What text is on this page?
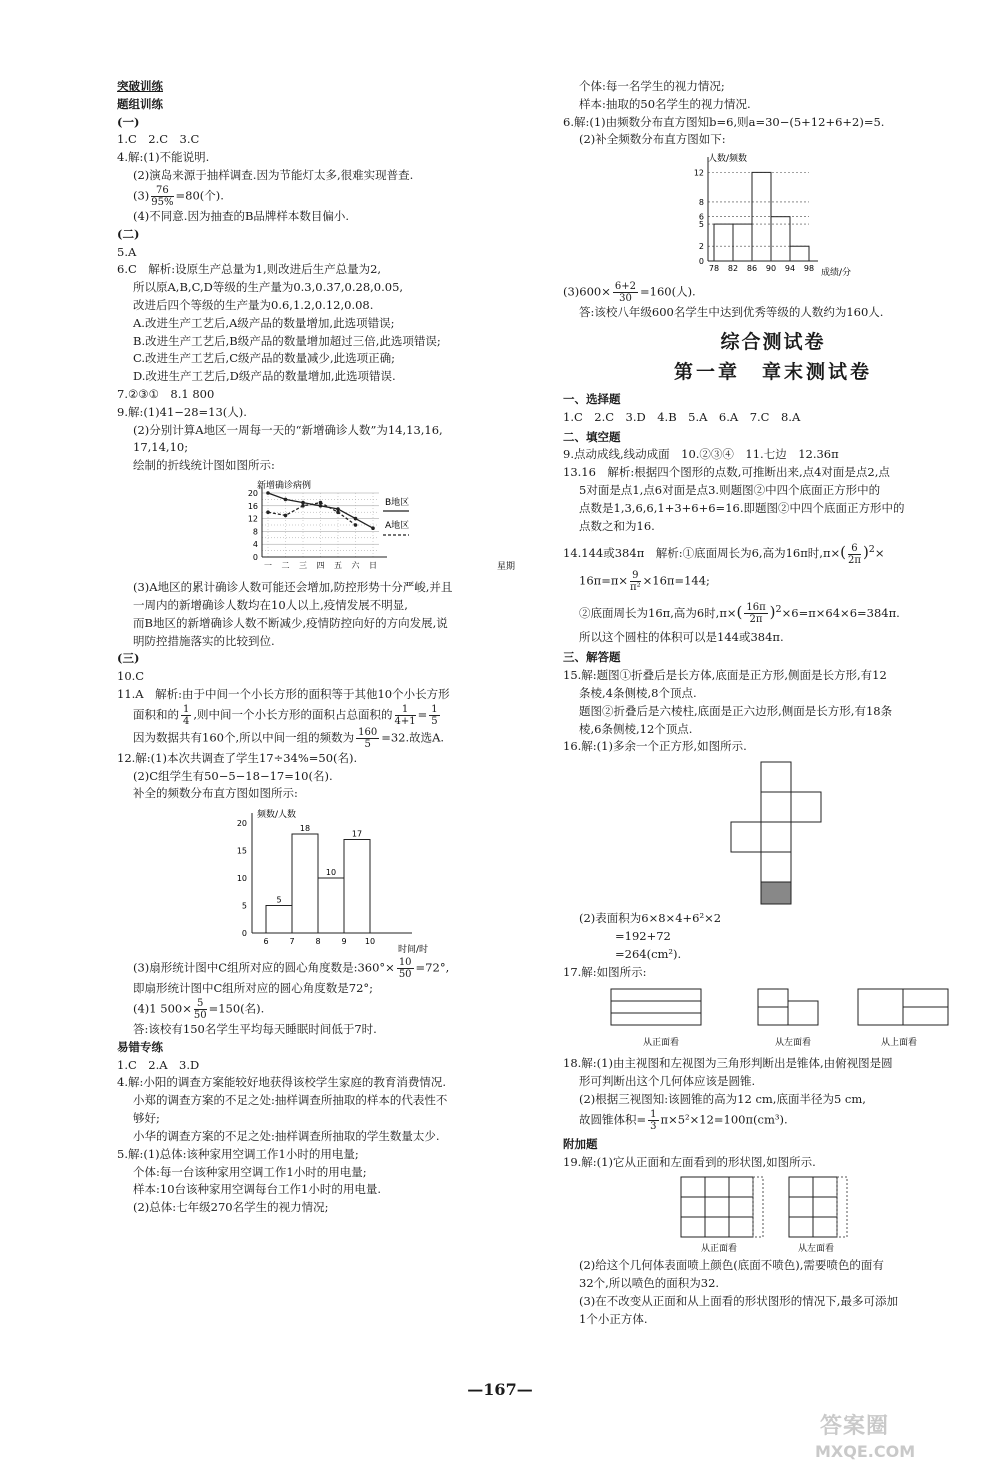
突破训练

题组训练

(一)

1.C　2.C　3.C

4.解:(1)不能说明.

(2)演岛来源于抽样调查.因为节能灯太多,很难实现普查.

$(3) \frac{76}{95\%} =80$(个).

(4)不同意.因为抽查的B品牌样本数目偏小.

(二)

5.A

6.C　解析:设原生产总量为1,则改进后生产总量为2,

所以原A,B,C,D等级的生产量为0.3,0.37,0.28,0.05,

改进后四个等级的生产量为0.6,1.2,0.12,0.08.

A.改进生产工艺后,A级产品的数量增加,此选项错误;

B.改进生产工艺后,B级产品的数量增加超过三倍,此选项错误;

C.改进生产工艺后,C级产品的数量减少,此选项正确;

D.改进生产工艺后,D级产品的数量增加,此选项错误.

7.②③①　8.1 800

9.解:(1)41−28=13(人).

(2)分别计算A地区一周每一天的“新增确诊人数”为14,13,16,

17,14,10;

绘制的折线统计图如图所示:

新增确诊病例
20
16
12
8
4
0
一 二 三 四 五 六 日	星期
B地区
A地区

(3)A地区的累计确诊人数可能还会增加,防控形势十分严峻,并且

一周内的新增确诊人数均在10人以上,疫情发展不明显,

而B地区的新增确诊人数不断减少,疫情防控向好的方向发展,说

明防控措施落实的比较到位.

(三)

10.C

11.A　解析:由于中间一个小长方形的面积等于其他10个小长方形

面积和的 $\frac{1}{4}$ ,则中间一个小长方形的面积占总面积的 $\frac{1}{4+1} = \frac{1}{5}$

因为数据共有160个,所以中间一组的频数为 $\frac{160}{5} =32$.故选A.

12.解:(1)本次共调查了学生17÷34%=50(名).

(2)C组学生有50−5−18−17=10(名).

补全的频数分布直方图如图所示:

频数/人数
20
15
10
5
0
6	7	8	9 10
5
18
10
17
时间/时

(3)扇形统计图中C组所对应的圆心角度数是:360°× $\frac{10}{50} =72^\circ$,

即扇形统计图中C组所对应的圆心角度数是72°;

(4)1 $500\times \frac{5}{50} =150$(名).

答:该校有150名学生平均每天睡眠时间低于7时.

易错专练

1.C　2.A　3.D

4.解:小阳的调查方案能较好地获得该校学生家庭的教育消费情况.

小郑的调查方案的不足之处:抽样调查所抽取的样本的代表性不

够好;

小华的调查方案的不足之处:抽样调查所抽取的学生数量太少.

5.解:(1)总体:该种家用空调工作1小时的用电量;

个体:每一台该种家用空调工作1小时的用电量;

样本:10台该种家用空调每台工作1小时的用电量.

(2)总体:七年级270名学生的视力情况;

个体:每一名学生的视力情况;

样本:抽取的50名学生的视力情况.

6.解:(1)由频数分布直方图知b=6,则a=30−(5+12+6+2)=5.

(2)补全频数分布直方图如下:

人数/频数
12
8
6
5
2
0
78 82 86 90 94 98 成绩/分

$(3)600\times \frac{6+2}{30} =160$(人).

答:该校八年级600名学生中达到优秀等级的人数约为160人.

综合测试卷

第一章　章末测试卷

一、选择题

1.C　2.C　3.D　4.B　5.A　6.A　7.C　8.A

二、填空题

9.点动成线,线动成面　10.②③④　11.七边　12.36π

13.16　解析:根据四个图形的点数,可推断出来,点4对面是点2,点

5对面是点1,点6对面是点3.则题图②中四个底面正方形中的

点数是1,3,6,6,1+3+6+6=16.即题图②中四个底面正方形中的

点数之和为16.

14.144或384π　解析:①底面周长为6,高为16π时$,\pi\times( \frac{6}{2\pi} )^2\times$

$16\pi=\pi\times \frac{9}{\text{π²}} \times 16\pi=144$;

②底面周长为16π,高为6时$,\pi\times( \frac{16\pi}{2\pi} )^2\times 6=\pi\times 64\times 6=384\pi$.

所以这个圆柱的体积可以是144或384π.

三、解答题

15.解:题图①折叠后是长方体,底面是正方形,侧面是长方形,有12

条棱,4条侧棱,8个顶点.

题图②折叠后是六棱柱,底面是正六边形,侧面是长方形,有18条

棱,6条侧棱,12个顶点.

16.解:(1)多余一个正方形,如图所示.

(2)表面积为6×8×4+6²×2

=192+72

=264(cm²).

17.解:如图所示:

从正面看	从左面看	从上面看

18.解:(1)由主视图和左视图为三角形判断出是锥体,由俯视图是圆

形可判断出这个几何体应该是圆锥.

(2)根据三视图知:该圆锥的高为12 cm,底面半径为5 cm,

故圆锥体积= $\frac{1}{3} \pi\times 5^2\times 12=100\pi(cm^3)$.

附加题

19.解:(1)它从正面和左面看到的形状图,如图所示.

从正面看	从左面看

(2)给这个几何体表面喷上颜色(底面不喷色),需要喷色的面有

32个,所以喷色的面积为32.

(3)在不改变从正面和从上面看的形状图形的情况下,最多可添加

1个小正方体.

—167—
答案圈
MXQE.COM
